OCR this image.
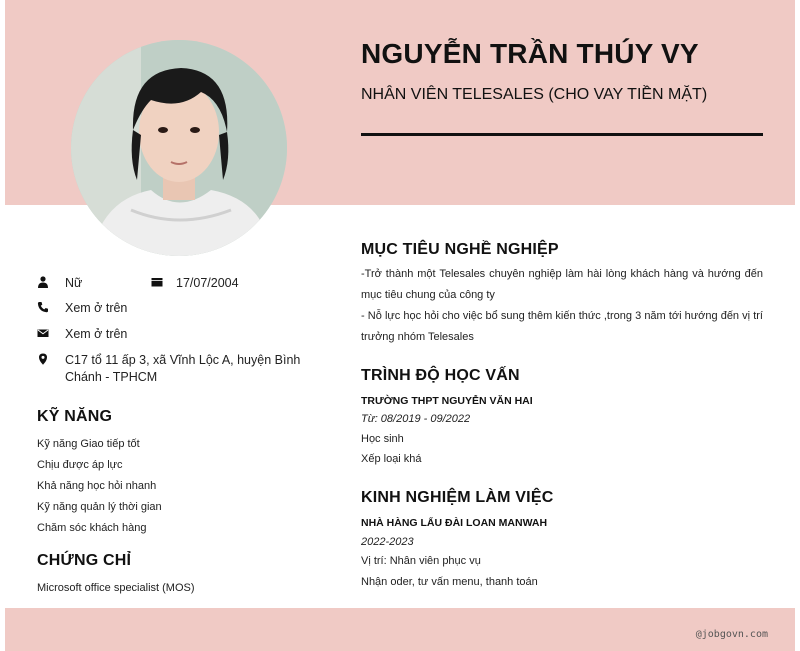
NGUYỄN TRẦN THÚY VY
NHÂN VIÊN TELESALES (CHO VAY TIỀN MẶT)
Nữ	17/07/2004
Xem ở trên
Xem ở trên
C17 tổ 11 ấp 3, xã Vĩnh Lộc A, huyện Bình Chánh - TPHCM
KỸ NĂNG
Kỹ năng Giao tiếp tốt
Chịu được áp lực
Khả năng học hỏi nhanh
Kỹ năng quản lý thời gian
Chăm sóc khách hàng
CHỨNG CHỈ
Microsoft office specialist (MOS)
MỤC TIÊU NGHỀ NGHIỆP
-Trở thành một Telesales chuyên nghiệp làm hài lòng khách hàng và hướng đến mục tiêu chung của công ty
- Nỗ lực học hỏi cho việc bổ sung thêm kiến thức ,trong 3 năm tới hướng đến vị trí trưởng nhóm Telesales
TRÌNH ĐỘ HỌC VẤN
TRƯỜNG THPT NGUYỄN VĂN HAI
Từ: 08/2019 - 09/2022
Học sinh
Xếp loại khá
KINH NGHIỆM LÀM VIỆC
NHÀ HÀNG LẨU ĐÀI LOAN MANWAH
2022-2023
Vị trí: Nhân viên phục vụ
Nhận oder, tư vấn menu, thanh toán
@jobgovn.com
